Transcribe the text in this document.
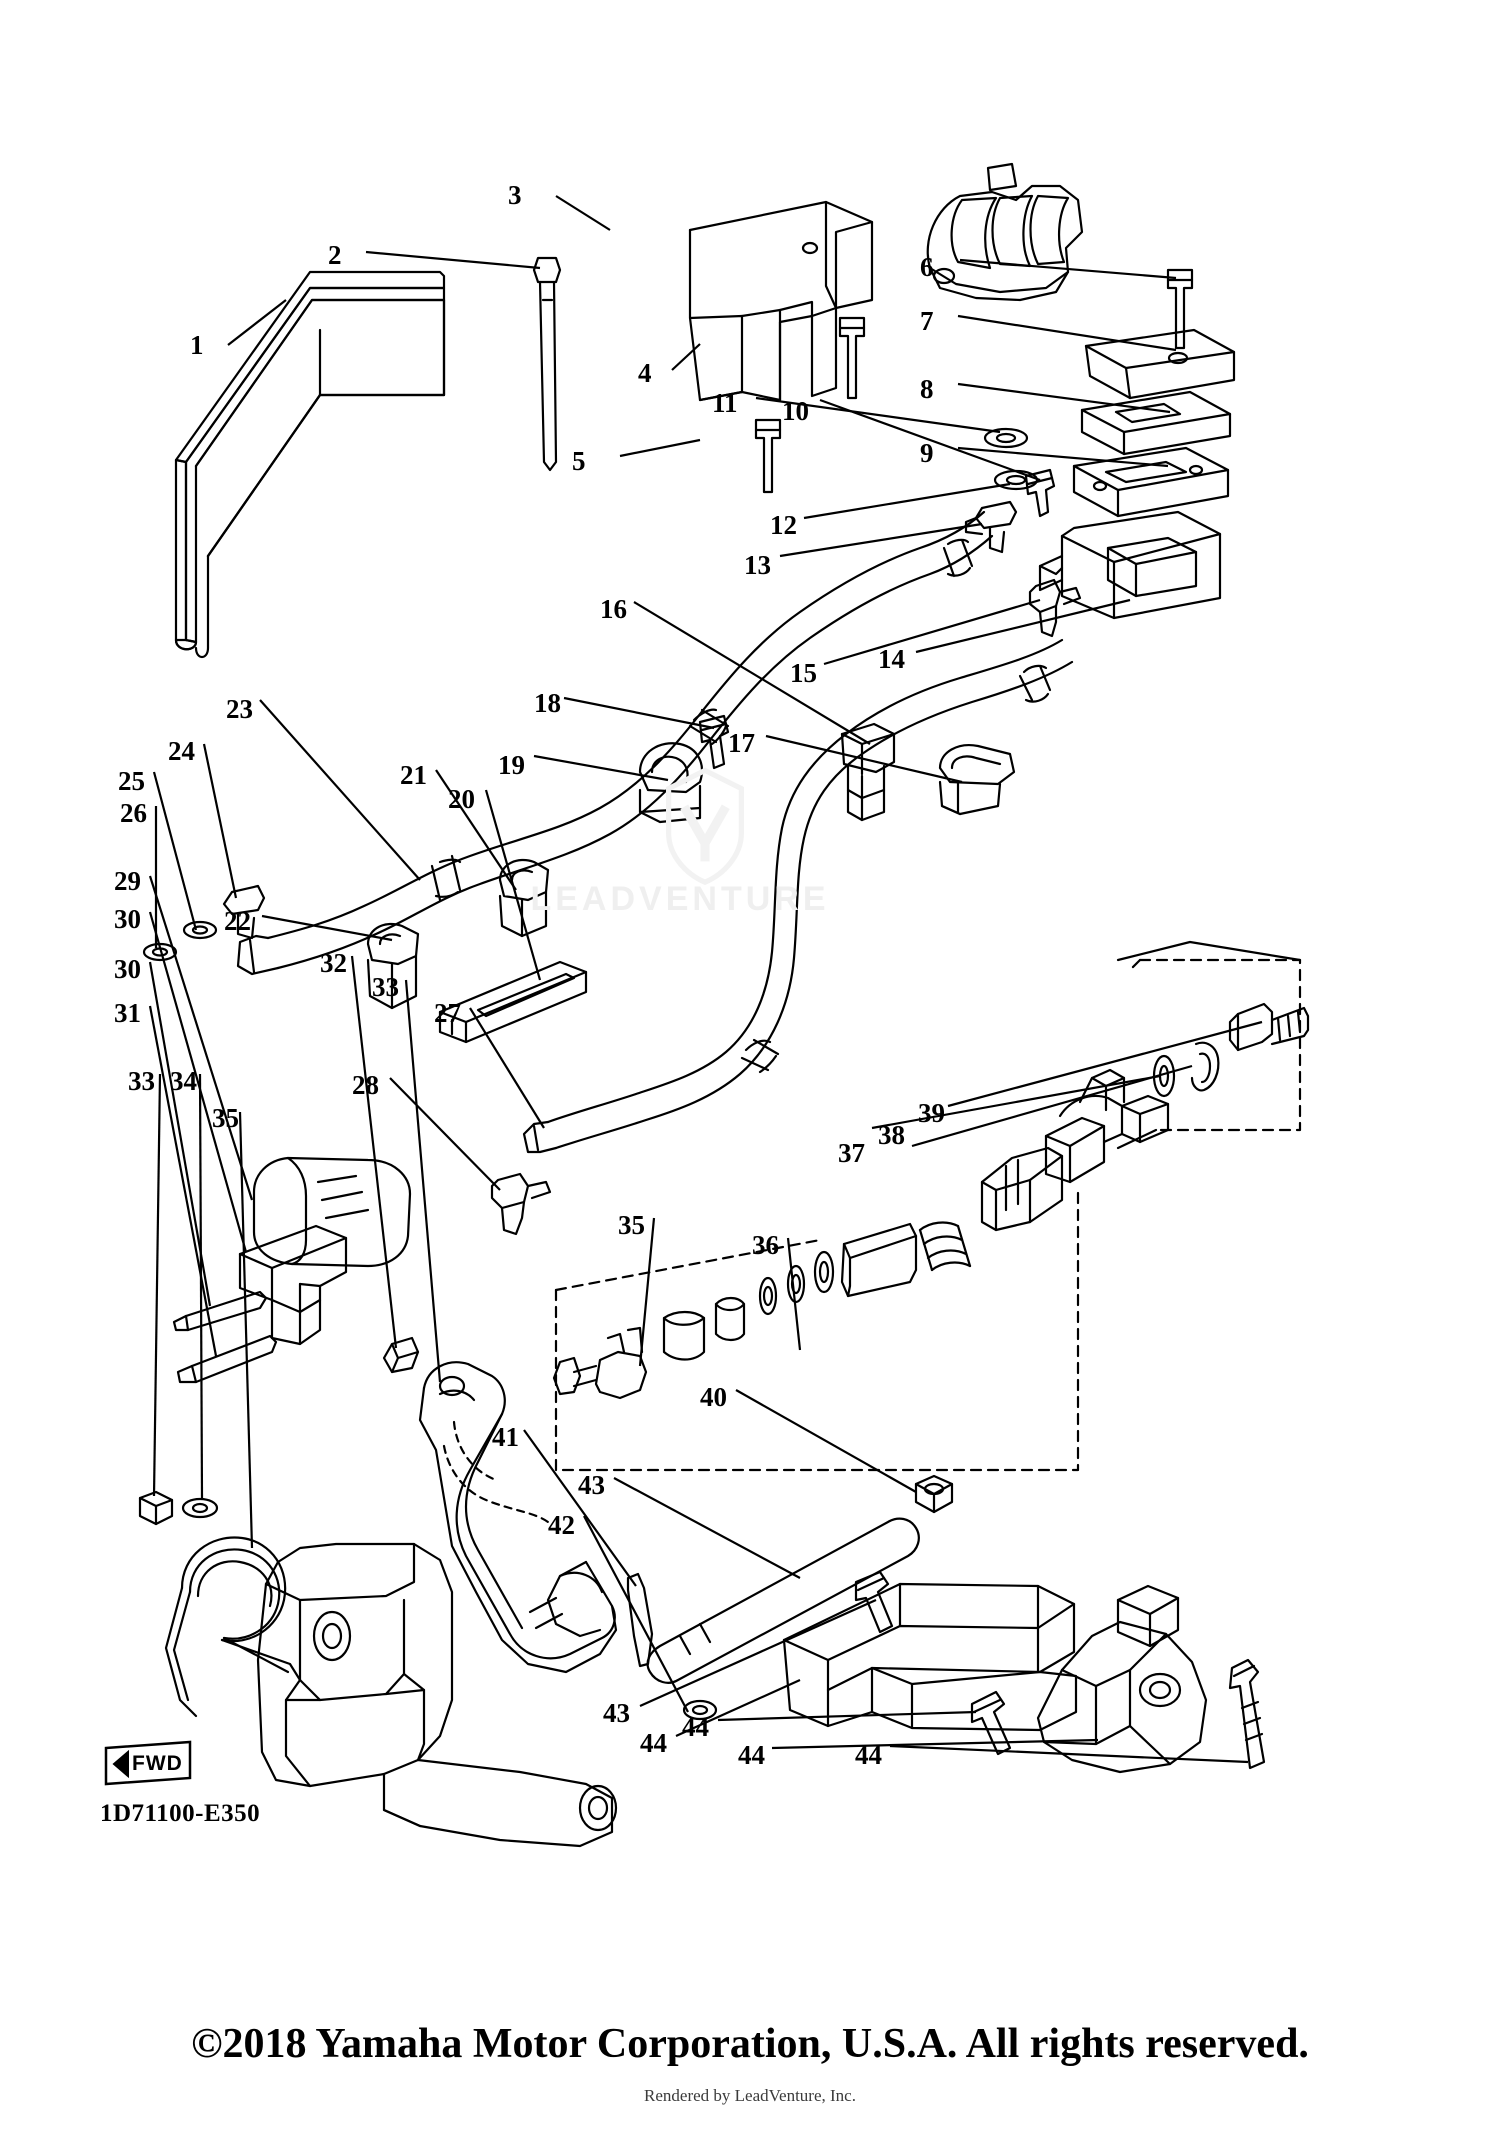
LEADVENTURE
FWD
1
2
3
4
5
6
7
8
9
10
11
12
13
14
15
16
17
18
19
20
21
22
23
24
25
26
27
28
29
30
30
31
32
33
33 34
35
35
36
37
38
39
40
41
42
43
43
44
44
44	44
1D71100-E350
©2018 Yamaha Motor Corporation, U.S.A. All rights reserved.
Rendered by LeadVenture, Inc.
